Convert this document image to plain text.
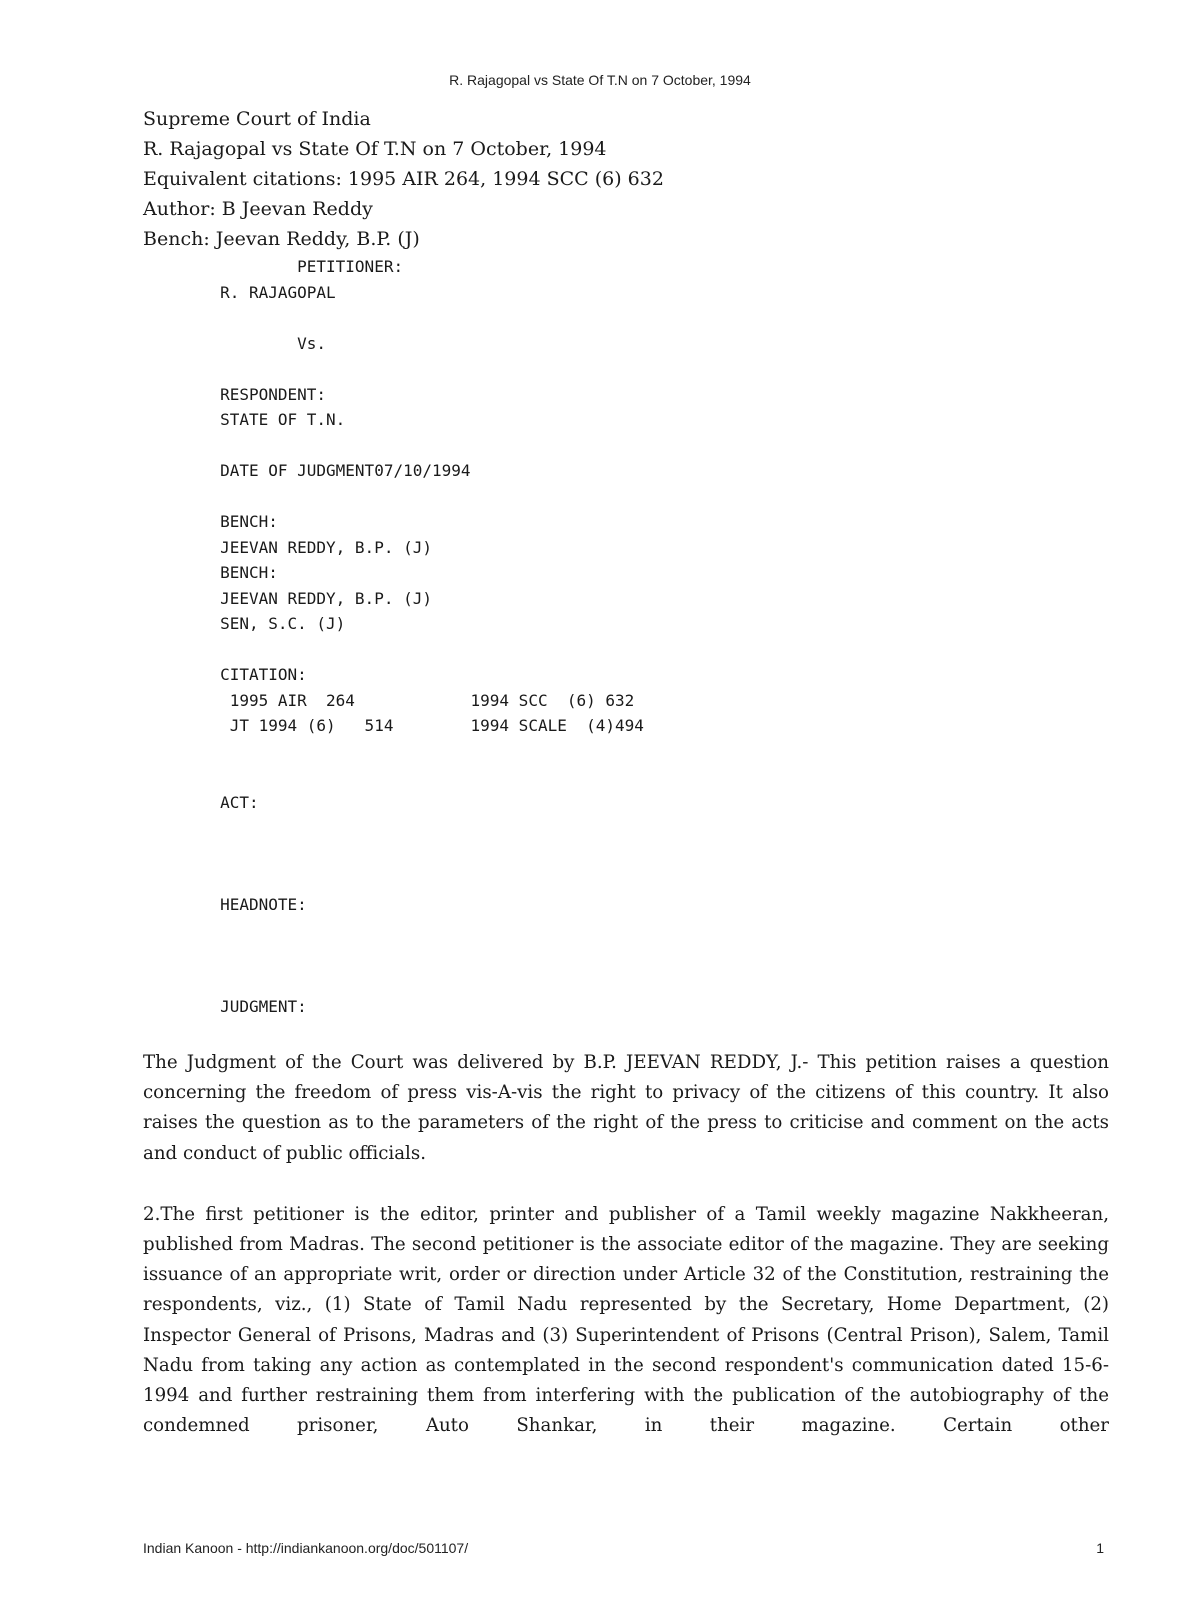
R. Rajagopal vs State Of T.N on 7 October, 1994
Supreme Court of India
R. Rajagopal vs State Of T.N on 7 October, 1994
Equivalent citations: 1995 AIR 264, 1994 SCC (6) 632
Author: B Jeevan Reddy
Bench: Jeevan Reddy, B.P. (J)
PETITIONER:
R. RAJAGOPAL

Vs.

RESPONDENT:
STATE OF T.N.

DATE OF JUDGMENT07/10/1994

BENCH:
JEEVAN REDDY, B.P. (J)
BENCH:
JEEVAN REDDY, B.P. (J)
SEN, S.C. (J)

CITATION:
1995 AIR  264            1994 SCC  (6) 632
JT 1994 (6)   514        1994 SCALE  (4)494

ACT:

HEADNOTE:

JUDGMENT:

The Judgment of the Court was delivered by B.P. JEEVAN REDDY, J.- This petition raises a question concerning the freedom of press vis-A-vis the right to privacy of the citizens of this country. It also raises the question as to the parameters of the right of the press to criticise and comment on the acts and conduct of public officials.

2.The first petitioner is the editor, printer and publisher of a Tamil weekly magazine Nakkheeran, published from Madras. The second petitioner is the associate editor of the magazine. They are seeking issuance of an appropriate writ, order or direction under Article 32 of the Constitution, restraining the respondents, viz., (1) State of Tamil Nadu represented by the Secretary, Home Department, (2) Inspector General of Prisons, Madras and (3) Superintendent of Prisons (Central Prison), Salem, Tamil Nadu from taking any action as contemplated in the second respondent's communication dated 15-6-1994 and further restraining them from interfering with the publication of the autobiography of the condemned prisoner, Auto Shankar, in their magazine. Certain other

Indian Kanoon - http://indiankanoon.org/doc/501107/	1
